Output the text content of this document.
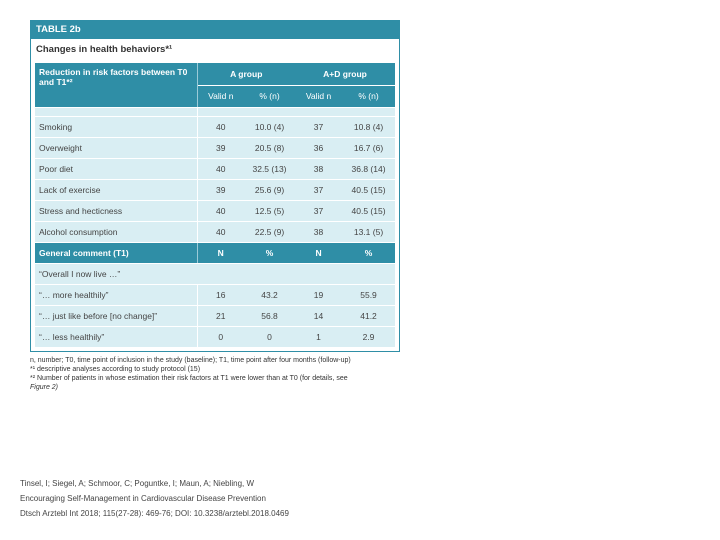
TABLE 2b
Changes in health behaviors*¹
Reduction in risk factors between T0 and T1*²	A group		A+D group	
	Valid n	% (n)	Valid n	% (n)

Smoking	40	10.0 (4)	37	10.8 (4)
Overweight	39	20.5 (8)	36	16.7 (6)
Poor diet	40	32.5 (13)	38	36.8 (14)
Lack of exercise	39	25.6 (9)	37	40.5 (15)
Stress and hecticness	40	12.5 (5)	37	40.5 (15)
Alcohol consumption	40	22.5 (9)	38	13.1 (5)
General comment (T1)	N	%	N	%
“Overall I now live …”				
“… more healthily”	16	43.2	19	55.9
“… just like before [no change]”	21	56.8	14	41.2
“… less healthily”	0	0	1	2.9
n, number; T0, time point of inclusion in the study (baseline); T1, time point after four months (follow-up)
*¹ descriptive analyses according to study protocol (15)
*² Number of patients in whose estimation their risk factors at T1 were lower than at T0 (for details, see
Figure 2)
Tinsel, I; Siegel, A; Schmoor, C; Poguntke, I; Maun, A; Niebling, W
Encouraging Self-Management in Cardiovascular Disease Prevention
Dtsch Arztebl Int 2018; 115(27-28): 469-76; DOI: 10.3238/arztebl.2018.0469
